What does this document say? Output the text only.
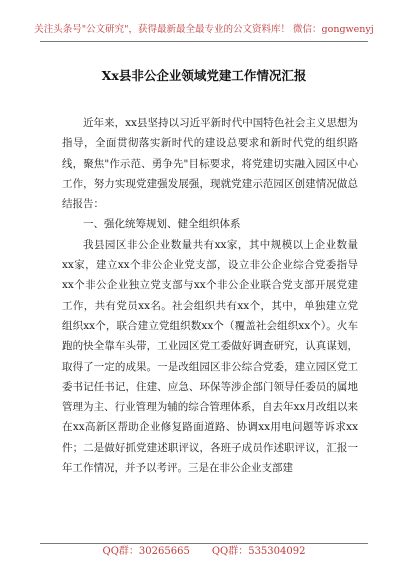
关注头条号"公文研究"，获得最新最全最专业的公文资料库！ 微信：gongwenyj
Xx县非公企业领域党建工作情况汇报

近年来，xx县坚持以习近平新时代中国特色社会主义思想为指导，全面贯彻落实新时代的建设总要求和新时代党的组织路线，聚焦"作示范、勇争先"目标要求，将党建切实融入园区中心工作，努力实现党建强发展强，现就党建示范园区创建情况做总结报告：

一、强化统筹规划、健全组织体系

我县园区非公企业数量共有xx家，其中规模以上企业数量xx家，建立xx个非公企业党支部，设立非公企业综合党委指导xx个非公企业独立党支部与xx个非公企业联合党支部开展党建工作，共有党员xx名。社会组织共有xx个，其中，单独建立党组织xx个，联合建立党组织数xx个（覆盖社会组织xx个）。火车跑的快全靠车头带，工业园区党工委做好调查研究，认真谋划，取得了一定的成果。一是改组园区非公综合党委，建立园区党工委书记任书记，住建、应急、环保等涉企部门领导任委员的属地管理为主、行业管理为辅的综合管理体系，自去年xx月改组以来在xx高新区帮助企业修复路面道路、协调xx用电问题等诉求xx件；二是做好抓党建述职评议，各班子成员作述职评议，汇报一年工作情况，并予以考评。三是在非公企业支部建

QQ群：30265665 QQ群：535304092
